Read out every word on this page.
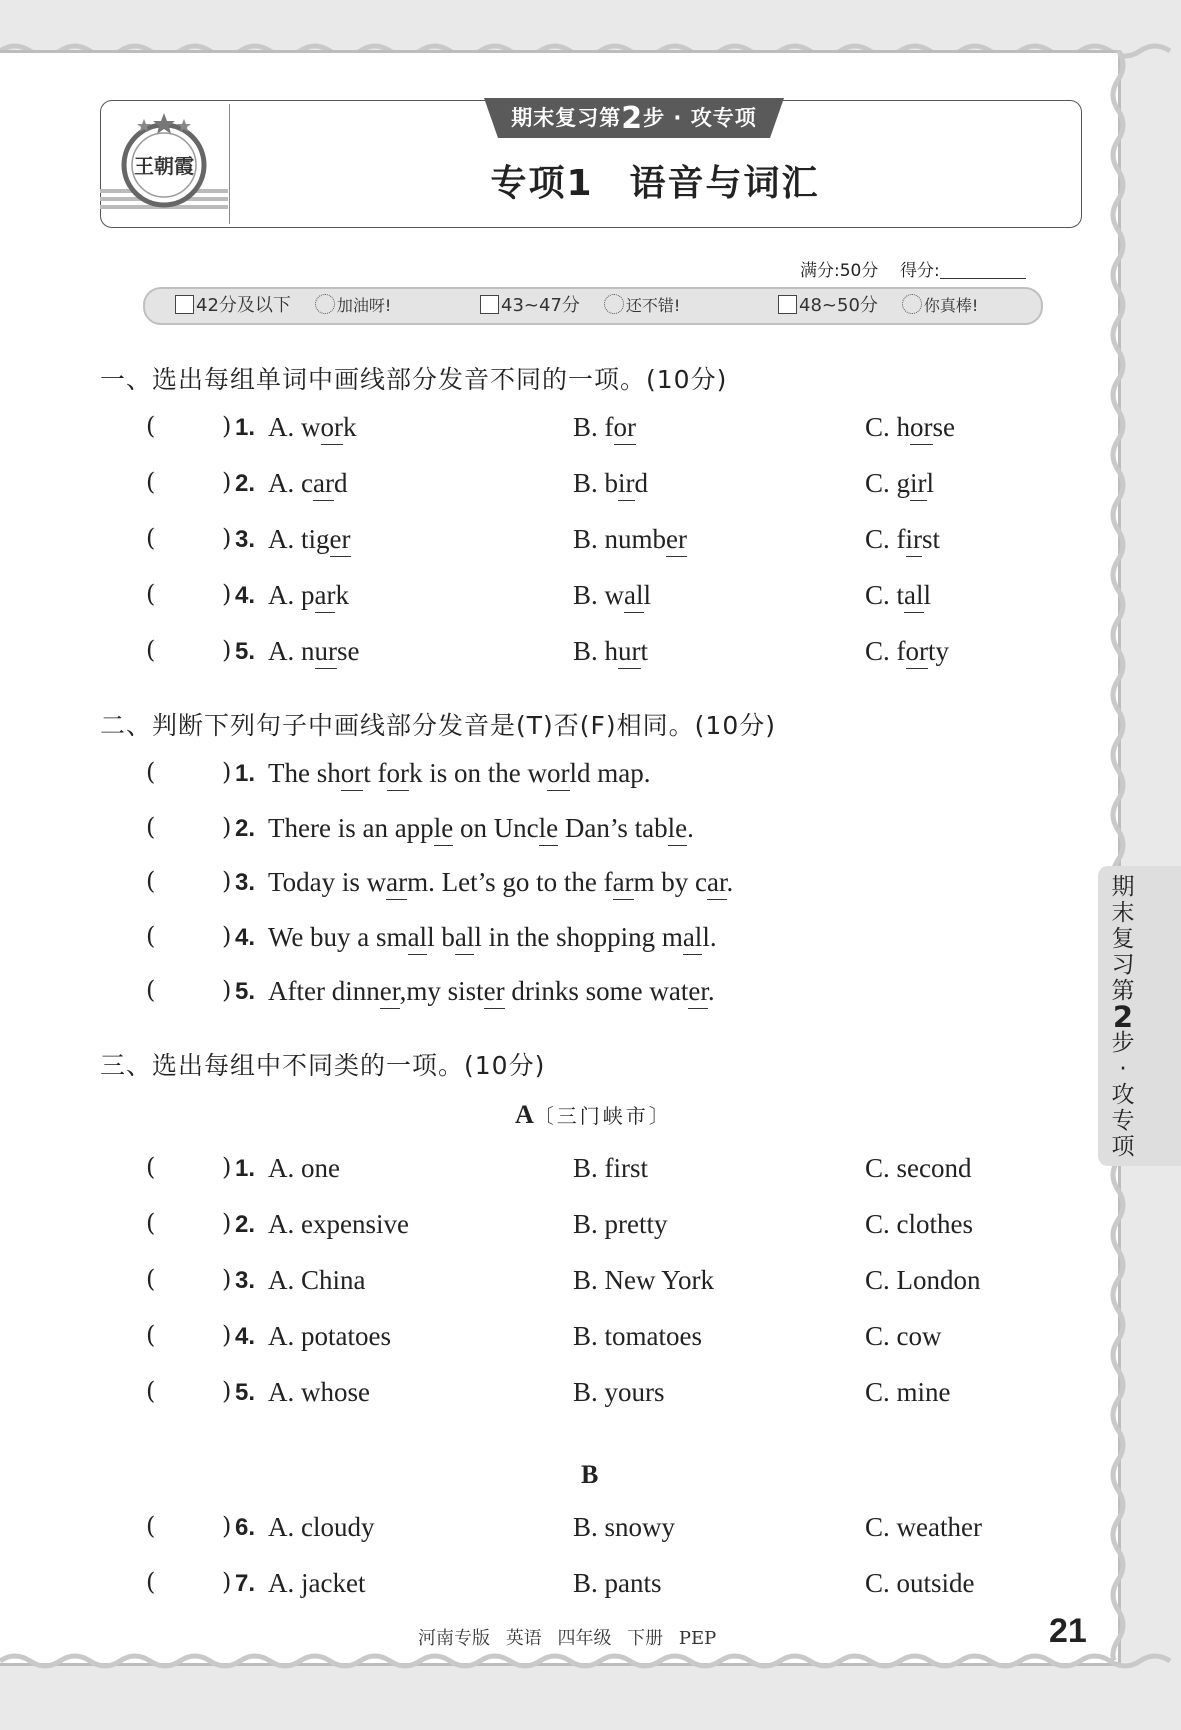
王朝霞
期末复习第2步 · 攻专项
专项1 语音与词汇
满分:50分 得分:
42分及以下	加油呀!	43~47分	还不错!	48~50分	你真棒!
一、选出每组单词中画线部分发音不同的一项。(10分)
(	) 1. A. work	B. for	C. horse
(	) 2. A. card	B. bird	C. girl
(	) 3. A. tiger	B. number	C. first
(	) 4. A. park	B. wall	C. tall
(	) 5. A. nurse	B. hurt	C. forty
二、判断下列句子中画线部分发音是(T)否(F)相同。(10分)
(	) 1. The short fork is on the world map.
(	) 2. There is an apple on Uncle Dan’s table.
(	) 3. Today is warm. Let’s go to the farm by car.
(	) 4. We buy a small ball in the shopping mall.
(	) 5. After dinner,my sister drinks some water.
三、选出每组中不同类的一项。(10分)
A〔三门峡市〕
(	) 1. A. one	B. first	C. second
(	) 2. A. expensive	B. pretty	C. clothes
(	) 3. A. China	B. New York	C. London
(	) 4. A. potatoes	B. tomatoes	C. cow
(	) 5. A. whose	B. yours	C. mine
B
(	) 6. A. cloudy	B. snowy	C. weather
(	) 7. A. jacket	B. pants	C. outside
期
末
复
习
第
2
步
·
攻
专
项
河南专版 英语 四年级 下册 PEP	21
